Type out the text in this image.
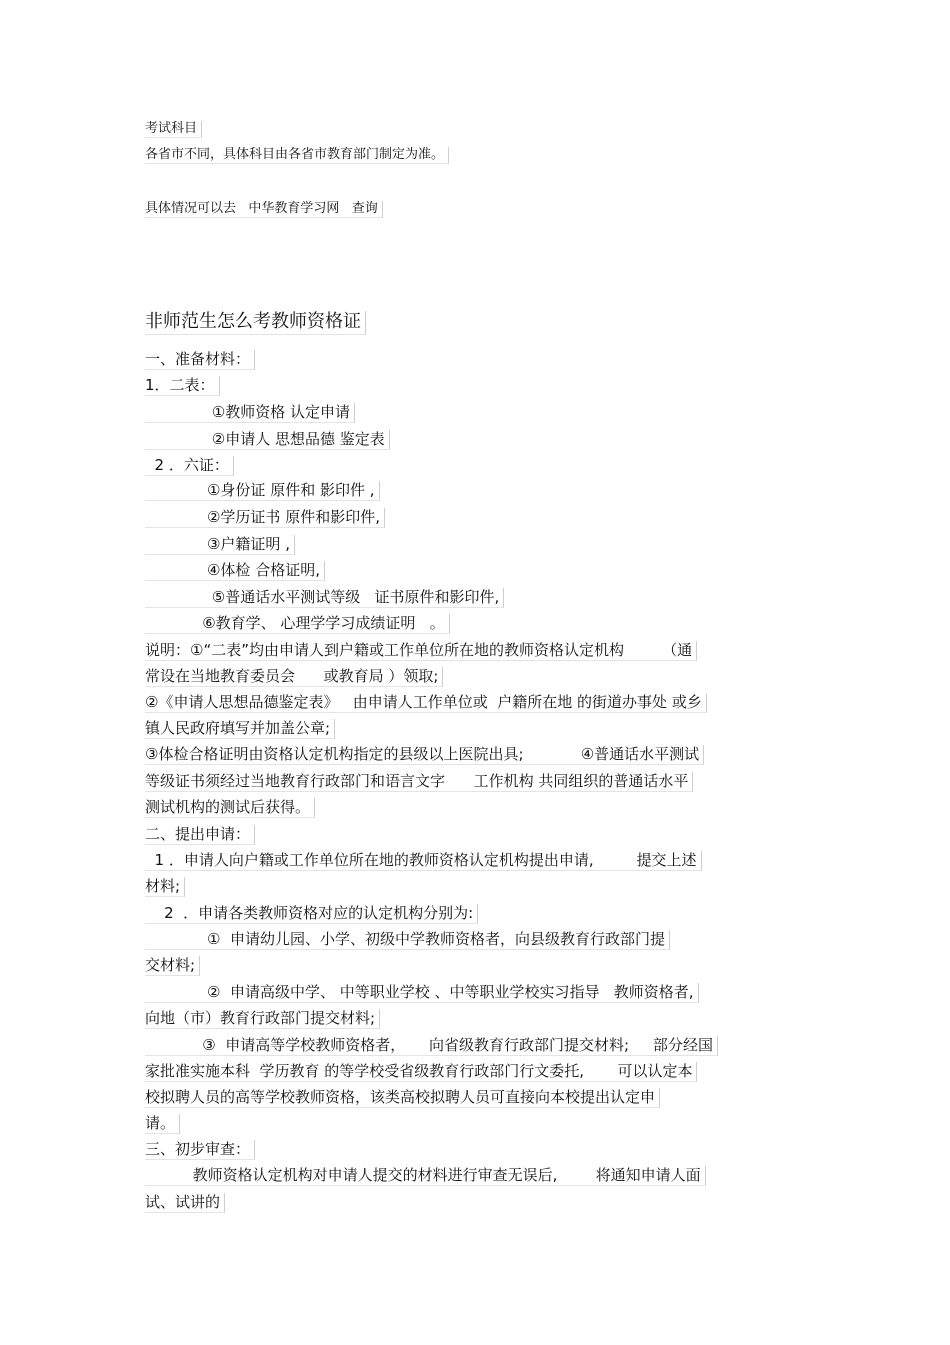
考试科目
各省市不同，具体科目由各省市教育部门制定为准。
具体情况可以去   中华教育学习网   查询
非师范生怎么考教师资格证
一、准备材料：
1．二表：
①教师资格 认定申请
②申请人 思想品德 鉴定表
2 ．六证：
①身份证 原件和 影印件 ,
②学历证书 原件和影印件,
③户籍证明 ,
④体检 合格证明,
⑤普通话水平测试等级   证书原件和影印件,
⑥教育学、 心理学学习成绩证明   。
说明：①“二表”均由申请人到户籍或工作单位所在地的教师资格认定机构        （通
常设在当地教育委员会      或教育局 ）领取;
②《申请人思想品德鉴定表》   由申请人工作单位或  户籍所在地 的街道办事处 或乡
镇人民政府填写并加盖公章;
③体检合格证明由资格认定机构指定的县级以上医院出具;            ④普通话水平测试
等级证书须经过当地教育行政部门和语言文字      工作机构 共同组织的普通话水平
测试机构的测试后获得。
二、提出申请：
1 ．申请人向户籍或工作单位所在地的教师资格认定机构提出申请,         提交上述
材料;
2  ．申请各类教师资格对应的认定机构分别为:
①  申请幼儿园、小学、初级中学教师资格者，向县级教育行政部门提
交材料;
②  申请高级中学、 中等职业学校 、中等职业学校实习指导   教师资格者,
向地（市）教育行政部门提交材料;
③  申请高等学校教师资格者，     向省级教育行政部门提交材料;     部分经国
家批准实施本科  学历教育 的等学校受省级教育行政部门行文委托,       可以认定本
校拟聘人员的高等学校教师资格，该类高校拟聘人员可直接向本校提出认定申
请。
三、初步审查：
教师资格认定机构对申请人提交的材料进行审查无误后,        将通知申请人面
试、试讲的
